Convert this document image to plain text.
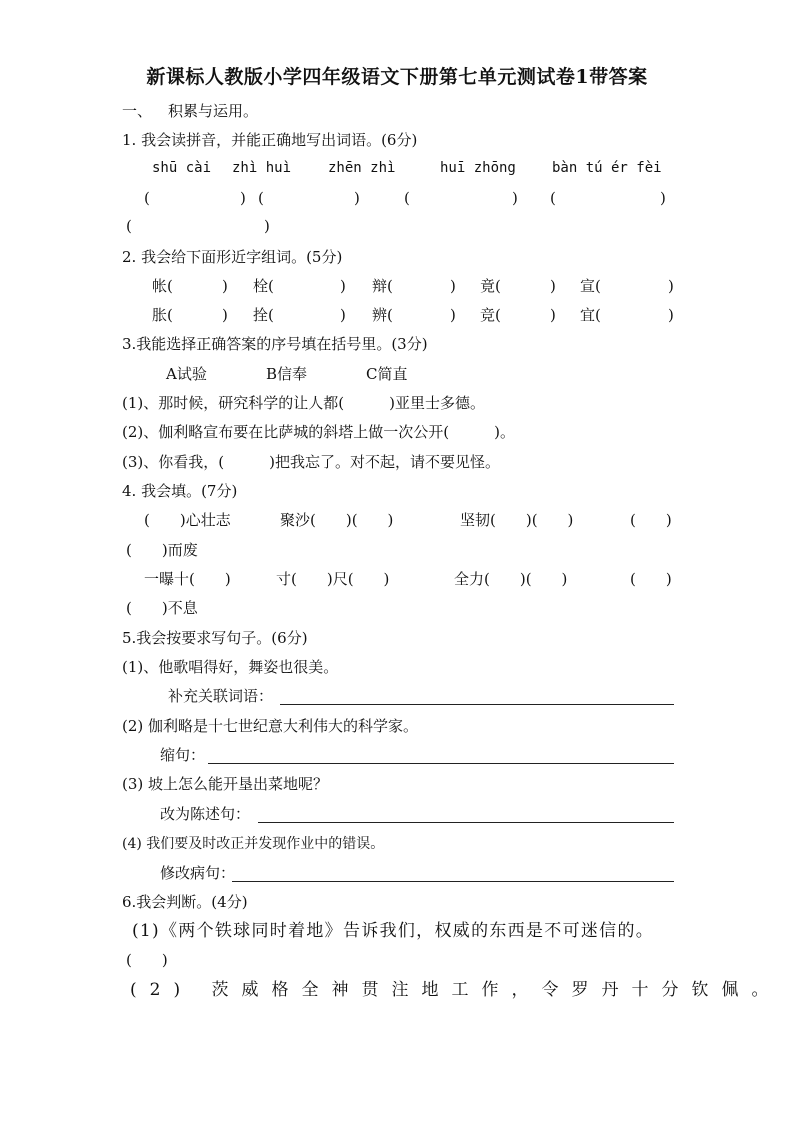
新课标人教版小学四年级语文下册第七单元测试卷1带答案
一、 积累与运用。
1. 我会读拼音，并能正确地写出词语。(6分)
shū cài zhì huì	zhēn zhì	huī zhōng	bàn tú ér fèi
(	) (	)	(	) (	)
(	)
2. 我会给下面形近字组词。(5分)
帐(	) 栓(	) 辩(	) 竟(	) 宣(	)
胀(	) 拴(	) 辨(	) 竞(	) 宜(	)
3.我能选择正确答案的序号填在括号里。(3分)
A试验	B信奉	C简直
(1)、那时候，研究科学的让人都(　　　)亚里士多德。
(2)、伽利略宣布要在比萨城的斜塔上做一次公开(　　　)。
(3)、你看我，(　　　)把我忘了。对不起，请不要见怪。
4. 我会填。(7分)
(　　)心壮志	聚沙(　　)(　　)	坚韧(　　)(　　)	(　　)
(　　)而废
一曝十(　　)	寸(　　)尺(　　)	全力(　　)(　　)	(　　)
(　　)不息
5.我会按要求写句子。(6分)
(1)、他歌唱得好，舞姿也很美。
补充关联词语：
(2) 伽利略是十七世纪意大利伟大的科学家。
缩句：
(3) 坡上怎么能开垦出菜地呢？
改为陈述句：
(4) 我们要及时改正并发现作业中的错误。
修改病句：
6.我会判断。(4分)
(1)《两个铁球同时着地》告诉我们，权威的东西是不可迷信的。
(　　)
(2) 茨威格全神贯注地工作，令罗丹十分钦佩。
